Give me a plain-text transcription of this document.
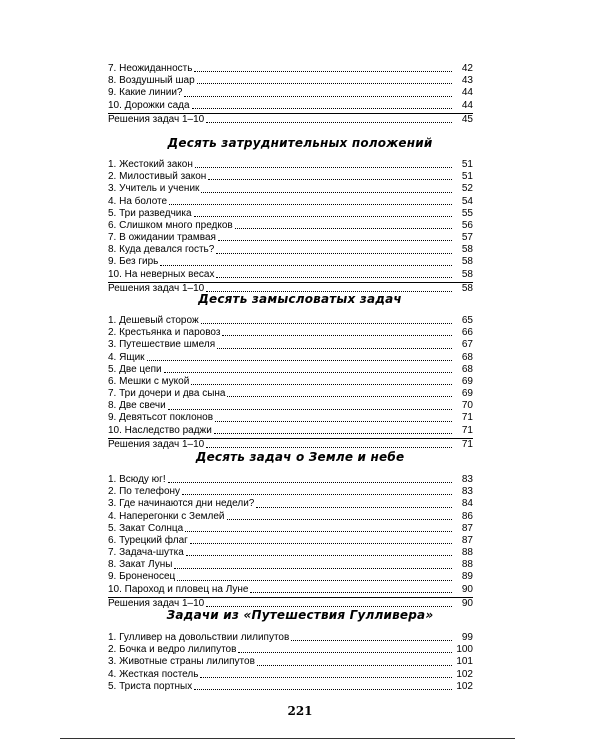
7. Неожиданность	42
8. Воздушный шар	43
9. Какие линии?	44
10. Дорожки сада	44
Решения задач 1–10	45
Десять затруднительных положений
1. Жестокий закон	51
2. Милостивый закон	51
3. Учитель и ученик	52
4. На болоте	54
5. Три разведчика	55
6. Слишком много предков	56
7. В ожидании трамвая	57
8. Куда девался гость?	58
9. Без гирь	58
10. На неверных весах	58
Решения задач 1–10	58
Десять замысловатых задач
1. Дешевый сторож	65
2. Крестьянка и паровоз	66
3. Путешествие шмеля	67
4. Ящик	68
5. Две цепи	68
6. Мешки с мукой	69
7. Три дочери и два сына	69
8. Две свечи	70
9. Девятьсот поклонов	71
10. Наследство раджи	71
Решения задач 1–10	71
Десять задач о Земле и небе
1. Всюду юг!	83
2. По телефону	83
3. Где начинаются дни недели?	84
4. Наперегонки с Землей	86
5. Закат Солнца	87
6. Турецкий флаг	87
7. Задача-шутка	88
8. Закат Луны	88
9. Броненосец	89
10. Пароход и пловец на Луне	90
Решения задач 1–10	90
Задачи из «Путешествия Гулливера»
1. Гулливер на довольствии лилипутов	99
2. Бочка и ведро лилипутов	100
3. Животные страны лилипутов	101
4. Жесткая постель	102
5. Триста портных	102
221
